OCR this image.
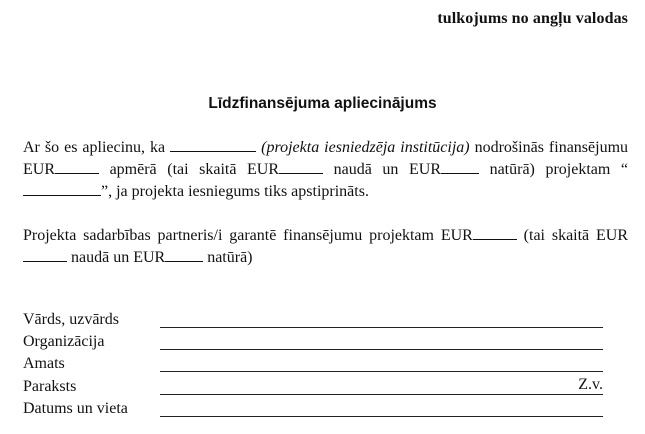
tulkojums no angļu valodas
Līdzfinansējuma apliecinājums
Ar šo es apliecinu, ka	(projekta iesniedzēja institūcija) nodrošinās finansējumu EUR	apmērā (tai skaitā EUR	naudā un EUR natūrā) projektam “”, ja projekta iesniegums tiks apstiprināts.
Projekta sadarbības partneris/i garantē finansējumu projektam EUR	(tai skaitā EUR naudā un EUR natūrā)
Vārds, uzvārds
Organizācija
Amats
Paraksts	Z.v.
Datums un vieta
